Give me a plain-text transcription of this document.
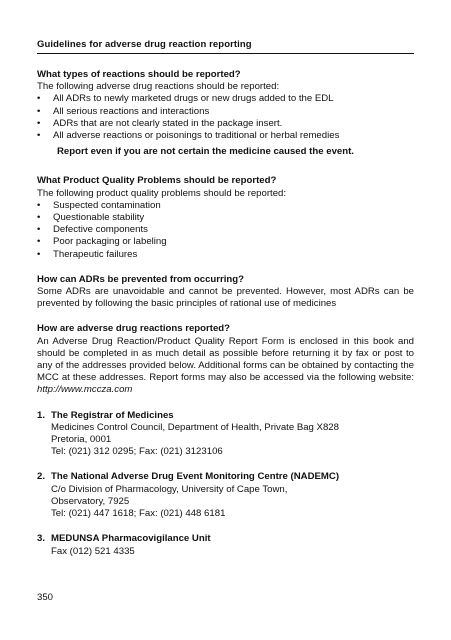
Guidelines for adverse drug reaction reporting

What types of reactions should be reported?

The following adverse drug reactions should be reported:

• All ADRs to newly marketed drugs or new drugs added to the EDL
• All serious reactions and interactions
• ADRs that are not clearly stated in the package insert.
• All adverse reactions or poisonings to traditional or herbal remedies

Report even if you are not certain the medicine caused the event.

What Product Quality Problems should be reported?

The following product quality problems should be reported:

• Suspected contamination
• Questionable stability
• Defective components
• Poor packaging or labeling
• Therapeutic failures

How can ADRs be prevented from occurring?

Some ADRs are unavoidable and cannot be prevented. However, most ADRs can be prevented by following the basic principles of rational use of medicines

How are adverse drug reactions reported?

An Adverse Drug Reaction/Product Quality Report Form is enclosed in this book and should be completed in as much detail as possible before returning it by fax or post to any of the addresses provided below. Additional forms can be obtained by contacting the MCC at these addresses. Report forms may also be accessed via the following website: http://www.mccza.com

1. The Registrar of Medicines
Medicines Control Council, Department of Health, Private Bag X828
Pretoria, 0001
Tel: (021) 312 0295; Fax: (021) 3123106
2. The National Adverse Drug Event Monitoring Centre (NADEMC)
C/o Division of Pharmacology, University of Cape Town,
Observatory, 7925
Tel: (021) 447 1618; Fax: (021) 448 6181
3. MEDUNSA Pharmacovigilance Unit
Fax (012) 521 4335
350
